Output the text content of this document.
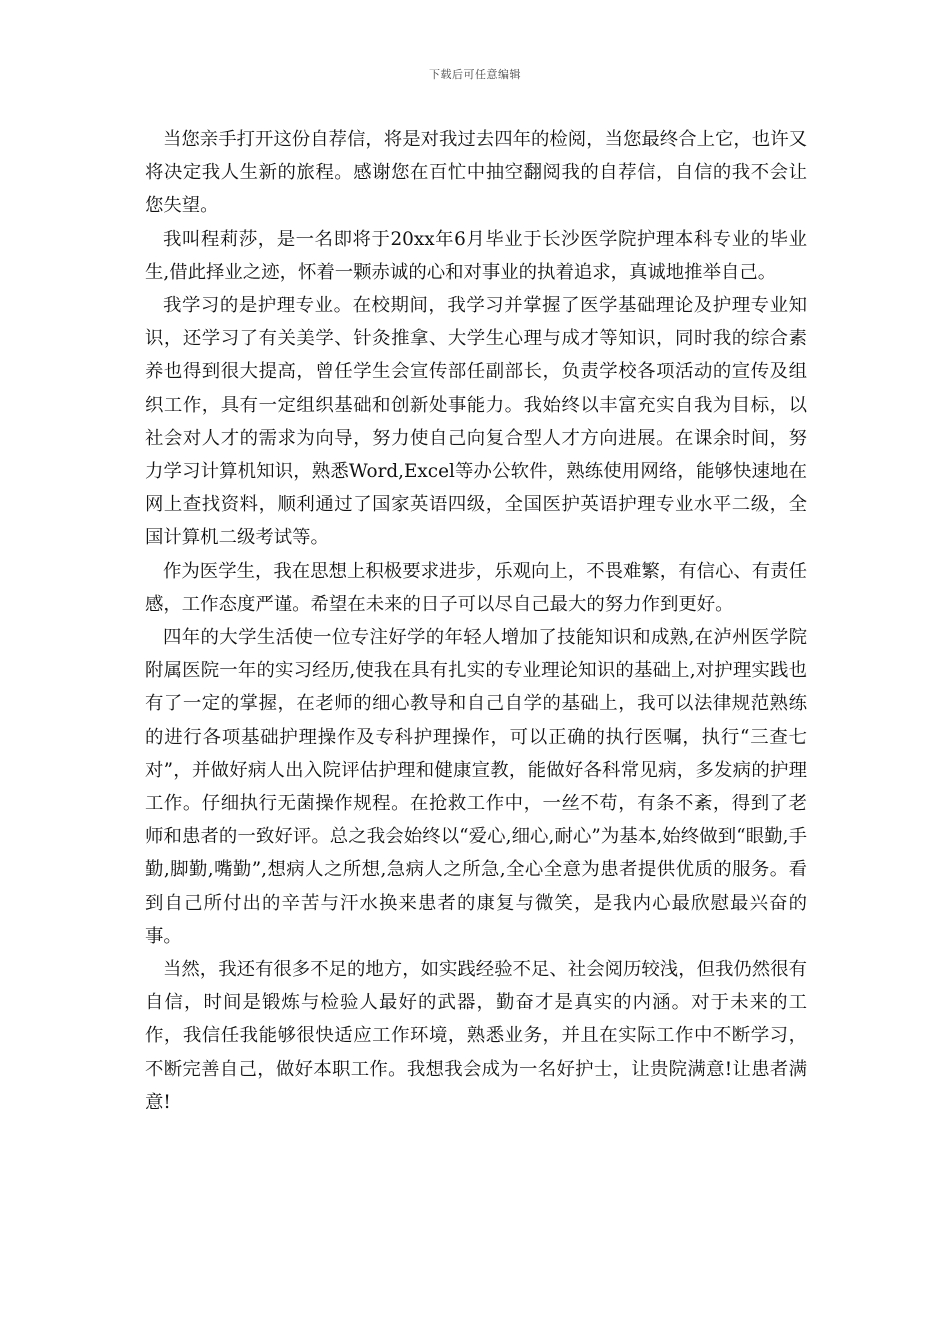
下载后可任意编辑

当您亲手打开这份自荐信，将是对我过去四年的检阅，当您最终合上它，也许又将决定我人生新的旅程。感谢您在百忙中抽空翻阅我的自荐信，自信的我不会让您失望。

我叫程莉莎，是一名即将于20xx年6月毕业于长沙医学院护理本科专业的毕业生,借此择业之迹，怀着一颗赤诚的心和对事业的执着追求，真诚地推举自己。

我学习的是护理专业。在校期间，我学习并掌握了医学基础理论及护理专业知识，还学习了有关美学、针灸推拿、大学生心理与成才等知识，同时我的综合素养也得到很大提高，曾任学生会宣传部任副部长，负责学校各项活动的宣传及组织工作，具有一定组织基础和创新处事能力。我始终以丰富充实自我为目标，以社会对人才的需求为向导，努力使自己向复合型人才方向进展。在课余时间，努力学习计算机知识，熟悉Word,Excel等办公软件，熟练使用网络，能够快速地在网上查找资料，顺利通过了国家英语四级，全国医护英语护理专业水平二级，全国计算机二级考试等。

作为医学生，我在思想上积极要求进步，乐观向上，不畏难繁，有信心、有责任感，工作态度严谨。希望在未来的日子可以尽自己最大的努力作到更好。

四年的大学生活使一位专注好学的年轻人增加了技能知识和成熟,在泸州医学院附属医院一年的实习经历,使我在具有扎实的专业理论知识的基础上,对护理实践也有了一定的掌握，在老师的细心教导和自己自学的基础上，我可以法律规范熟练的进行各项基础护理操作及专科护理操作，可以正确的执行医嘱，执行“三查七对”，并做好病人出入院评估护理和健康宣教，能做好各科常见病，多发病的护理工作。仔细执行无菌操作规程。在抢救工作中，一丝不苟，有条不紊，得到了老师和患者的一致好评。总之我会始终以“爱心,细心,耐心”为基本,始终做到“眼勤,手勤,脚勤,嘴勤”,想病人之所想,急病人之所急,全心全意为患者提供优质的服务。看到自己所付出的辛苦与汗水换来患者的康复与微笑，是我内心最欣慰最兴奋的事。

当然，我还有很多不足的地方，如实践经验不足、社会阅历较浅，但我仍然很有自信，时间是锻炼与检验人最好的武器，勤奋才是真实的内涵。对于未来的工作，我信任我能够很快适应工作环境，熟悉业务，并且在实际工作中不断学习，不断完善自己，做好本职工作。我想我会成为一名好护士，让贵院满意!让患者满意!
